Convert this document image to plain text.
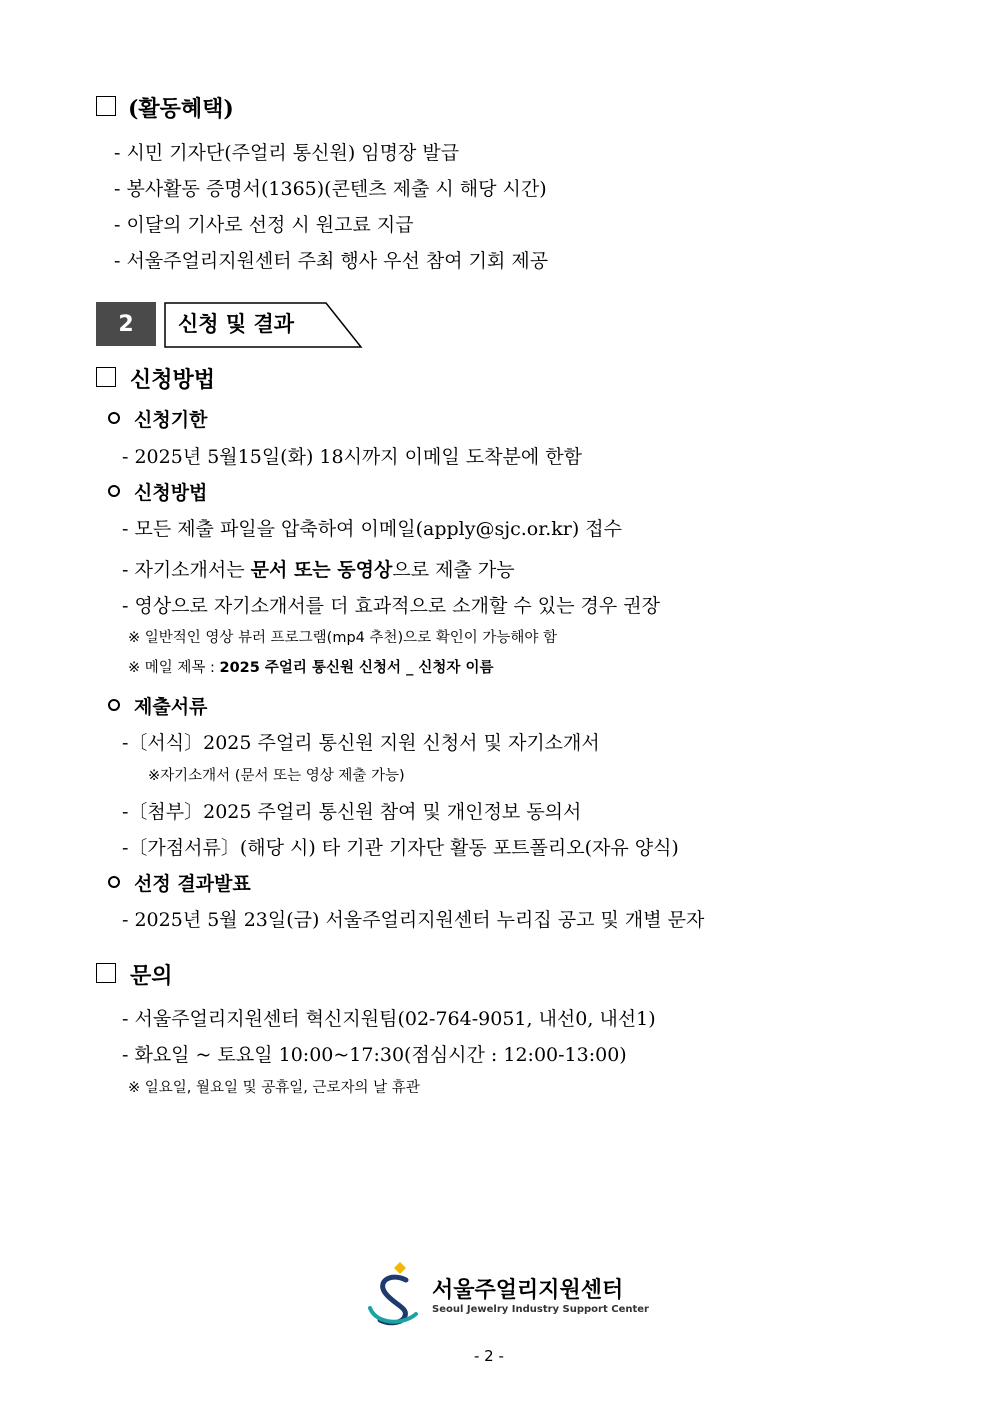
(활동혜택)
- 시민 기자단(주얼리 통신원) 임명장 발급
- 봉사활동 증명서(1365)(콘텐츠 제출 시 해당 시간)
- 이달의 기사로 선정 시 원고료 지급
- 서울주얼리지원센터 주최 행사 우선 참여 기회 제공
2	신청 및 결과
신청방법
신청기한
- 2025년 5월15일(화) 18시까지 이메일 도착분에 한함
신청방법
- 모든 제출 파일을 압축하여 이메일(apply@sjc.or.kr) 접수
- 자기소개서는 문서 또는 동영상으로 제출 가능
- 영상으로 자기소개서를 더 효과적으로 소개할 수 있는 경우 권장
※ 일반적인 영상 뷰러 프로그램(mp4 추천)으로 확인이 가능해야 함
※ 메일 제목 : 2025 주얼리 통신원 신청서 _ 신청자 이름
제출서류
-〔서식〕2025 주얼리 통신원 지원 신청서 및 자기소개서
※자기소개서 (문서 또는 영상 제출 가능)
-〔첨부〕2025 주얼리 통신원 참여 및 개인정보 동의서
-〔가점서류〕(해당 시) 타 기관 기자단 활동 포트폴리오(자유 양식)
선정 결과발표
- 2025년 5월 23일(금) 서울주얼리지원센터 누리집 공고 및 개별 문자
문의
- 서울주얼리지원센터 혁신지원팀(02-764-9051, 내선0, 내선1)
- 화요일 ~ 토요일 10:00~17:30(점심시간 : 12:00-13:00)
※ 일요일, 월요일 및 공휴일, 근로자의 날 휴관
서울주얼리지원센터
Seoul Jewelry Industry Support Center
- 2 -
